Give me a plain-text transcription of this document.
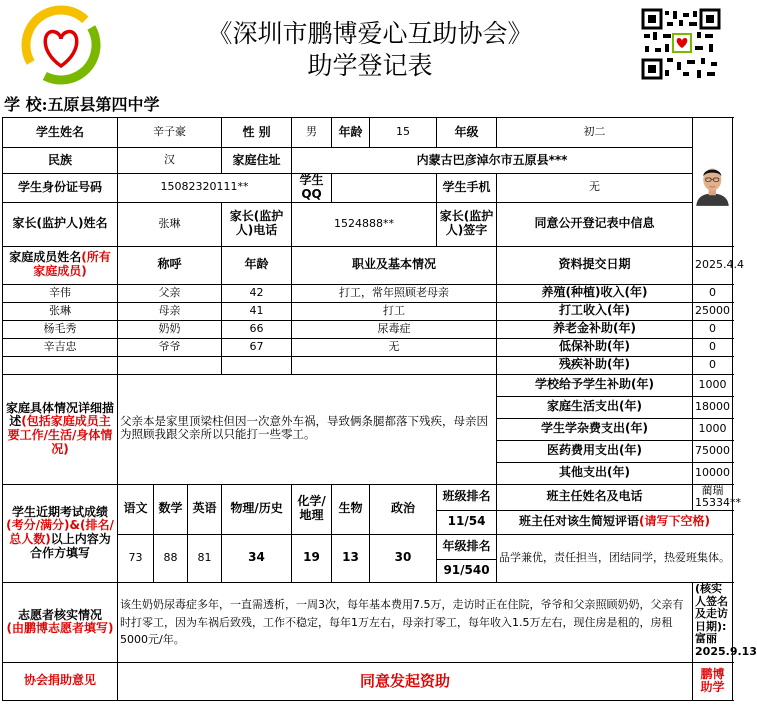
《深圳市鹏博爱心互助协会》
助学登记表
学 校:五原县第四中学
学生姓名	辛子豪			性 别	男	年龄	15	年级	初二	
民族	汉			家庭住址	内蒙古巴彦淖尔市五原县***					
学生身份证号码	15082320111**				学生QQ			学生手机	无	
家长(监护人)姓名	张琳			家长(监护人)电话	1524888**			家长(监护人)签字	同意公开登记表中信息	
家庭成员姓名(所有家庭成员)	称呼			年龄	职业及基本情况				资料提交日期	2025.4.4
辛伟	父亲			42	打工，常年照顾老母亲				养殖(种植)收入(年)	0
张琳	母亲			41	打工				打工收入(年)	25000
杨毛秀	奶奶			66	尿毒症				养老金补助(年)	0
辛吉忠	爷爷			67	无				低保补助(年)	0
									残疾补助(年)	0
家庭具体情况详细描述(包括家庭成员主要工作/生活/身体情况)	父亲本是家里顶梁柱但因一次意外车祸，导致俩条腿都落下残疾，母亲因为照顾我跟父亲所以只能打一些零工。								学校给予学生补助(年)	1000
									家庭生活支出(年)	18000
									学生学杂费支出(年)	1000
									医药费用支出(年)	75000
									其他支出(年)	10000
学生近期考试成绩(考分/满分)&(排名/总人数)以上内容为合作方填写	语文	数学	英语	物理/历史	化学/地理	生物	政治	班级排名	班主任姓名及电话	蔺瑞15334**
								11/54	班主任对该生简短评语(请写下空格)	
	73	88	81	34	19	13	30	年级排名	品学兼优，责任担当，团结同学，热爱班集体。	
								91/540		
志愿者核实情况
(由鹏博志愿者填写)	该生奶奶尿毒症多年，一直需透析，一周3次，每年基本费用7.5万，走访时正在住院，爷爷和父亲照顾奶奶，父亲有时打零工，因为车祸后致残，工作不稳定，每年1万左右，母亲打零工，每年收入1.5万左右，现住房是租的，房租5000元/年。									(核实人签名及走访日期):
富丽
2025.9.13
协会捐助意见	同意发起资助									鹏博助学
